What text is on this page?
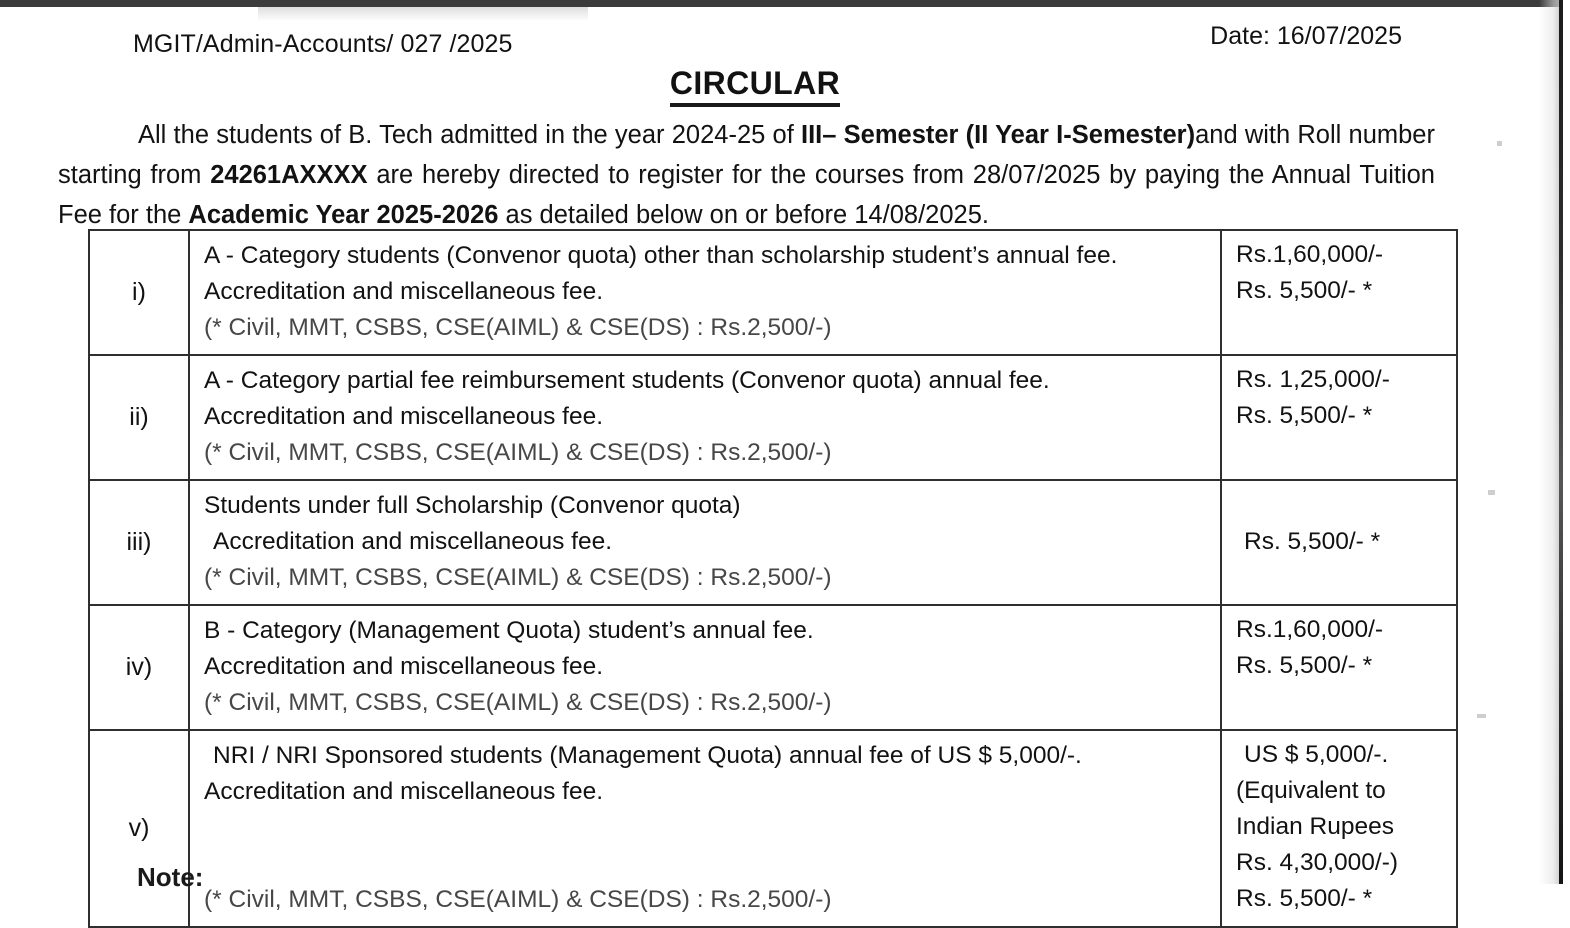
MGIT/Admin-Accounts/ 027 /2025	Date: 16/07/2025
CIRCULAR
All the students of B. Tech admitted in the year 2024-25 of III– Semester (II Year I-Semester)and with Roll number starting from 24261AXXXX are hereby directed to register for the courses from 28/07/2025 by paying the Annual Tuition Fee for the Academic Year 2025-2026 as detailed below on or before 14/08/2025.
i)	A - Category students (Convenor quota) other than scholarship student’s annual fee.
Accreditation and miscellaneous fee.
(* Civil, MMT, CSBS, CSE(AIML) & CSE(DS) : Rs.2,500/-)	Rs.1,60,000/-
Rs. 5,500/- *

ii)	A - Category partial fee reimbursement students (Convenor quota) annual fee.
Accreditation and miscellaneous fee.
(* Civil, MMT, CSBS, CSE(AIML) & CSE(DS) : Rs.2,500/-)	Rs. 1,25,000/-
Rs. 5,500/- *

iii)	Students under full Scholarship (Convenor quota)
Accreditation and miscellaneous fee.
(* Civil, MMT, CSBS, CSE(AIML) & CSE(DS) : Rs.2,500/-)	Rs. 5,500/- *

iv)	B - Category (Management Quota) student’s annual fee.
Accreditation and miscellaneous fee.
(* Civil, MMT, CSBS, CSE(AIML) & CSE(DS) : Rs.2,500/-)	Rs.1,60,000/-
Rs. 5,500/- *

v)	NRI / NRI Sponsored students (Management Quota) annual fee of US $ 5,000/-.
Accreditation and miscellaneous fee.
(* Civil, MMT, CSBS, CSE(AIML) & CSE(DS) : Rs.2,500/-)	US $ 5,000/-.
(Equivalent to
Indian Rupees
Rs. 4,30,000/-)
Rs. 5,500/- *
Note:
